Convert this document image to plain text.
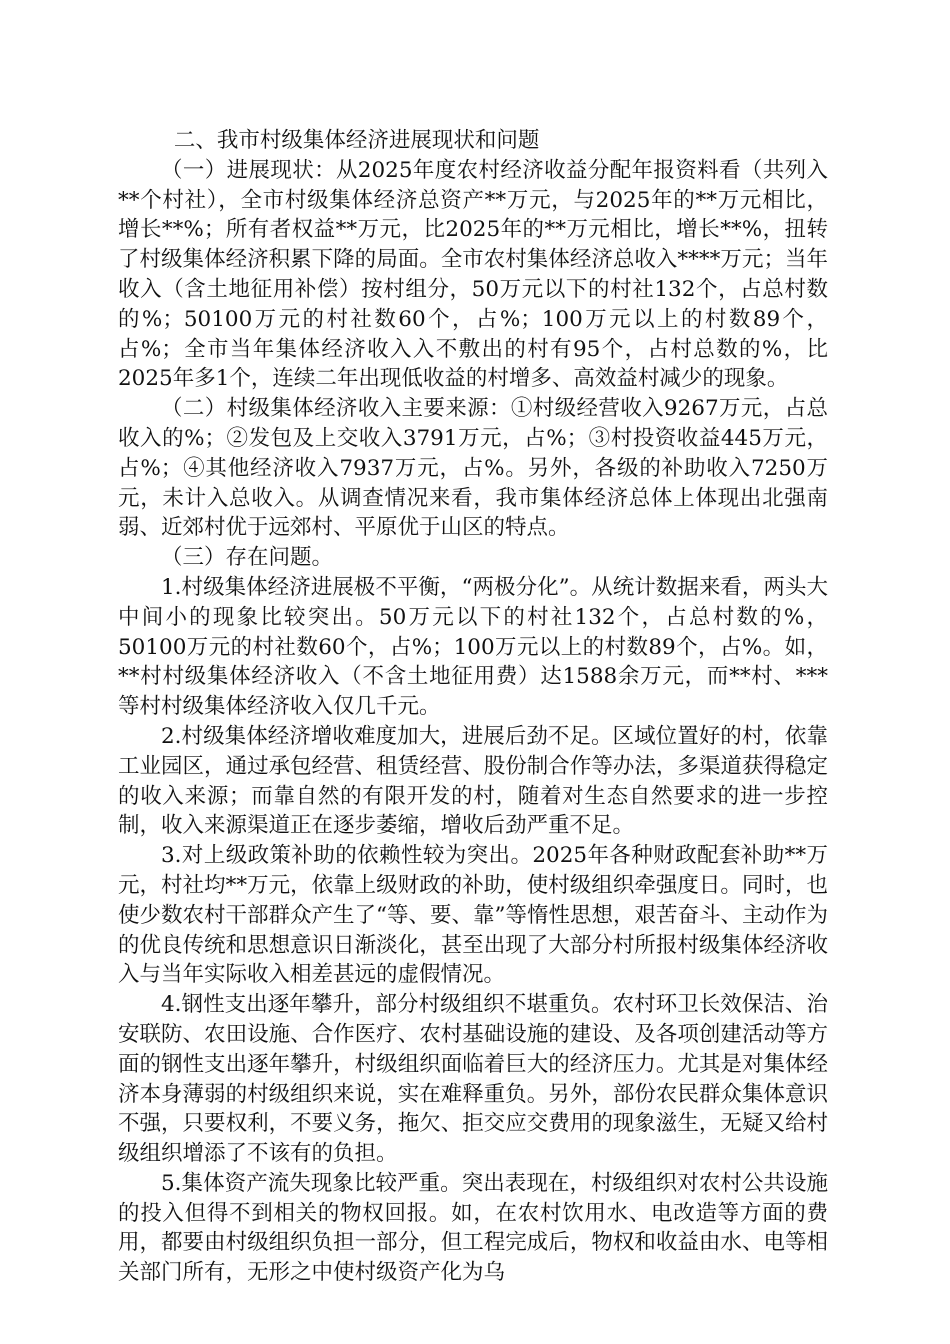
二、我市村级集体经济进展现状和问题

（一）进展现状：从2025年度农村经济收益分配年报资料看（共列入**个村社），全市村级集体经济总资产**万元，与2025年的**万元相比，增长**%；所有者权益**万元，比2025年的**万元相比，增长**%，扭转了村级集体经济积累下降的局面。全市农村集体经济总收入****万元；当年收入（含土地征用补偿）按村组分，50万元以下的村社132个，占总村数的%；50100万元的村社数60个，占%；100万元以上的村数89个，占%；全市当年集体经济收入入不敷出的村有95个，占村总数的%，比2025年多1个，连续二年出现低收益的村增多、高效益村减少的现象。

（二）村级集体经济收入主要来源：①村级经营收入9267万元，占总收入的%；②发包及上交收入3791万元，占%；③村投资收益445万元，占%；④其他经济收入7937万元，占%。另外，各级的补助收入7250万元，未计入总收入。从调查情况来看，我市集体经济总体上体现出北强南弱、近郊村优于远郊村、平原优于山区的特点。

（三）存在问题。

1.村级集体经济进展极不平衡，“两极分化”。从统计数据来看，两头大中间小的现象比较突出。50万元以下的村社132个，占总村数的%，50100万元的村社数60个，占%；100万元以上的村数89个，占%。如，**村村级集体经济收入（不含土地征用费）达1588余万元，而**村、***等村村级集体经济收入仅几千元。

2.村级集体经济增收难度加大，进展后劲不足。区域位置好的村，依靠工业园区，通过承包经营、租赁经营、股份制合作等办法，多渠道获得稳定的收入来源；而靠自然的有限开发的村，随着对生态自然要求的进一步控制，收入来源渠道正在逐步萎缩，增收后劲严重不足。

3.对上级政策补助的依赖性较为突出。2025年各种财政配套补助**万元，村社均**万元，依靠上级财政的补助，使村级组织牵强度日。同时，也使少数农村干部群众产生了“等、要、靠”等惰性思想，艰苦奋斗、主动作为的优良传统和思想意识日渐淡化，甚至出现了大部分村所报村级集体经济收入与当年实际收入相差甚远的虚假情况。

4.钢性支出逐年攀升，部分村级组织不堪重负。农村环卫长效保洁、治安联防、农田设施、合作医疗、农村基础设施的建设、及各项创建活动等方面的钢性支出逐年攀升，村级组织面临着巨大的经济压力。尤其是对集体经济本身薄弱的村级组织来说，实在难释重负。另外，部份农民群众集体意识不强，只要权利，不要义务，拖欠、拒交应交费用的现象滋生，无疑又给村级组织增添了不该有的负担。

5.集体资产流失现象比较严重。突出表现在，村级组织对农村公共设施的投入但得不到相关的物权回报。如，在农村饮用水、电改造等方面的费用，都要由村级组织负担一部分，但工程完成后，物权和收益由水、电等相关部门所有，无形之中使村级资产化为乌
